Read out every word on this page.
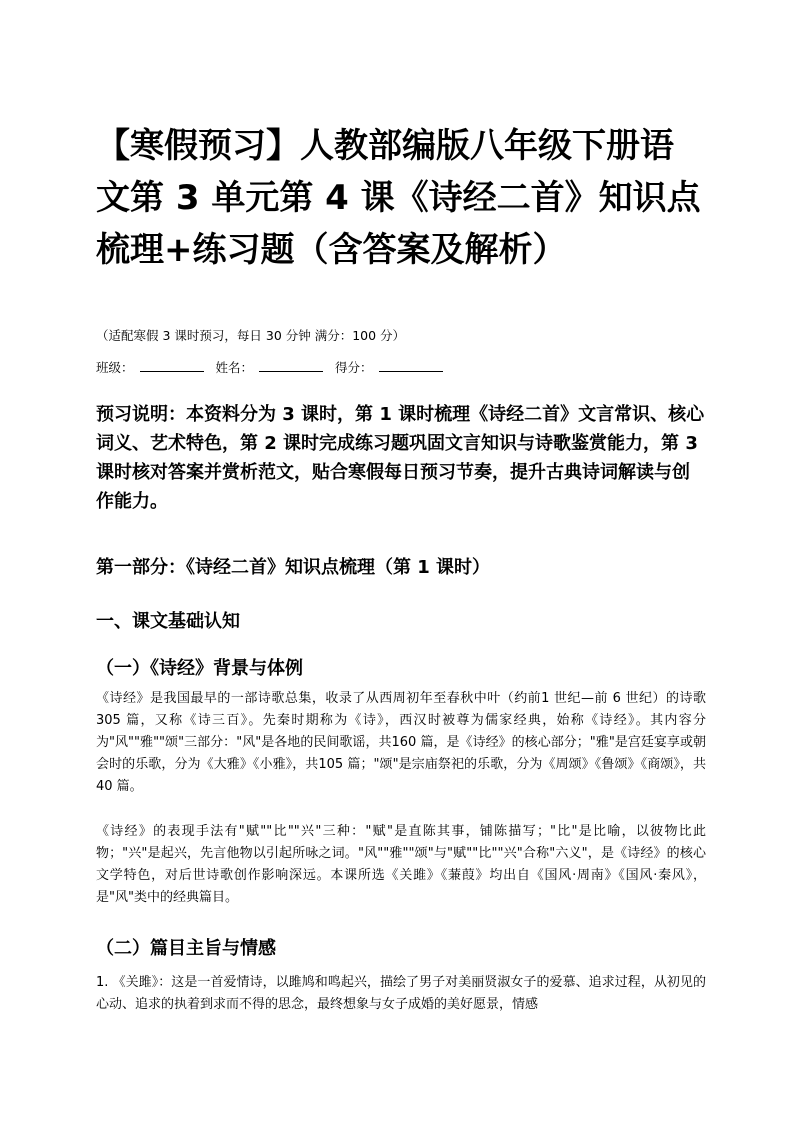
【寒假预习】人教部编版八年级下册语文第 3 单元第 4 课《诗经二首》知识点梳理+练习题（含答案及解析）
（适配寒假 3 课时预习，每日 30 分钟 满分：100 分）
班级：	姓名：	得分：

预习说明：本资料分为 3 课时，第 1 课时梳理《诗经二首》文言常识、核心词义、艺术特色，第 2 课时完成练习题巩固文言知识与诗歌鉴赏能力，第 3 课时核对答案并赏析范文，贴合寒假每日预习节奏，提升古典诗词解读与创作能力。

第一部分：《诗经二首》知识点梳理（第 1 课时）
一、课文基础认知
（一）《诗经》背景与体例

《诗经》是我国最早的一部诗歌总集，收录了从西周初年至春秋中叶（约前1 世纪—前 6 世纪）的诗歌305 篇，又称《诗三百》。先秦时期称为《诗》，西汉时被尊为儒家经典，始称《诗经》。其内容分为"风""雅""颂"三部分："风"是各地的民间歌谣，共160 篇，是《诗经》的核心部分；"雅"是宫廷宴享或朝会时的乐歌，分为《大雅》《小雅》，共105 篇；"颂"是宗庙祭祀的乐歌，分为《周颂》《鲁颂》《商颂》，共40 篇。

《诗经》的表现手法有"赋""比""兴"三种："赋"是直陈其事，铺陈描写；"比"是比喻，以彼物比此物；"兴"是起兴，先言他物以引起所咏之词。"风""雅""颂"与"赋""比""兴"合称"六义"，是《诗经》的核心文学特色，对后世诗歌创作影响深远。本课所选《关雎》《蒹葭》均出自《国风·周南》《国风·秦风》，是"风"类中的经典篇目。

（二）篇目主旨与情感

1. 《关雎》：这是一首爱情诗，以雎鸠和鸣起兴，描绘了男子对美丽贤淑女子的爱慕、追求过程，从初见的心动、追求的执着到求而不得的思念，最终想象与女子成婚的美好愿景，情感
